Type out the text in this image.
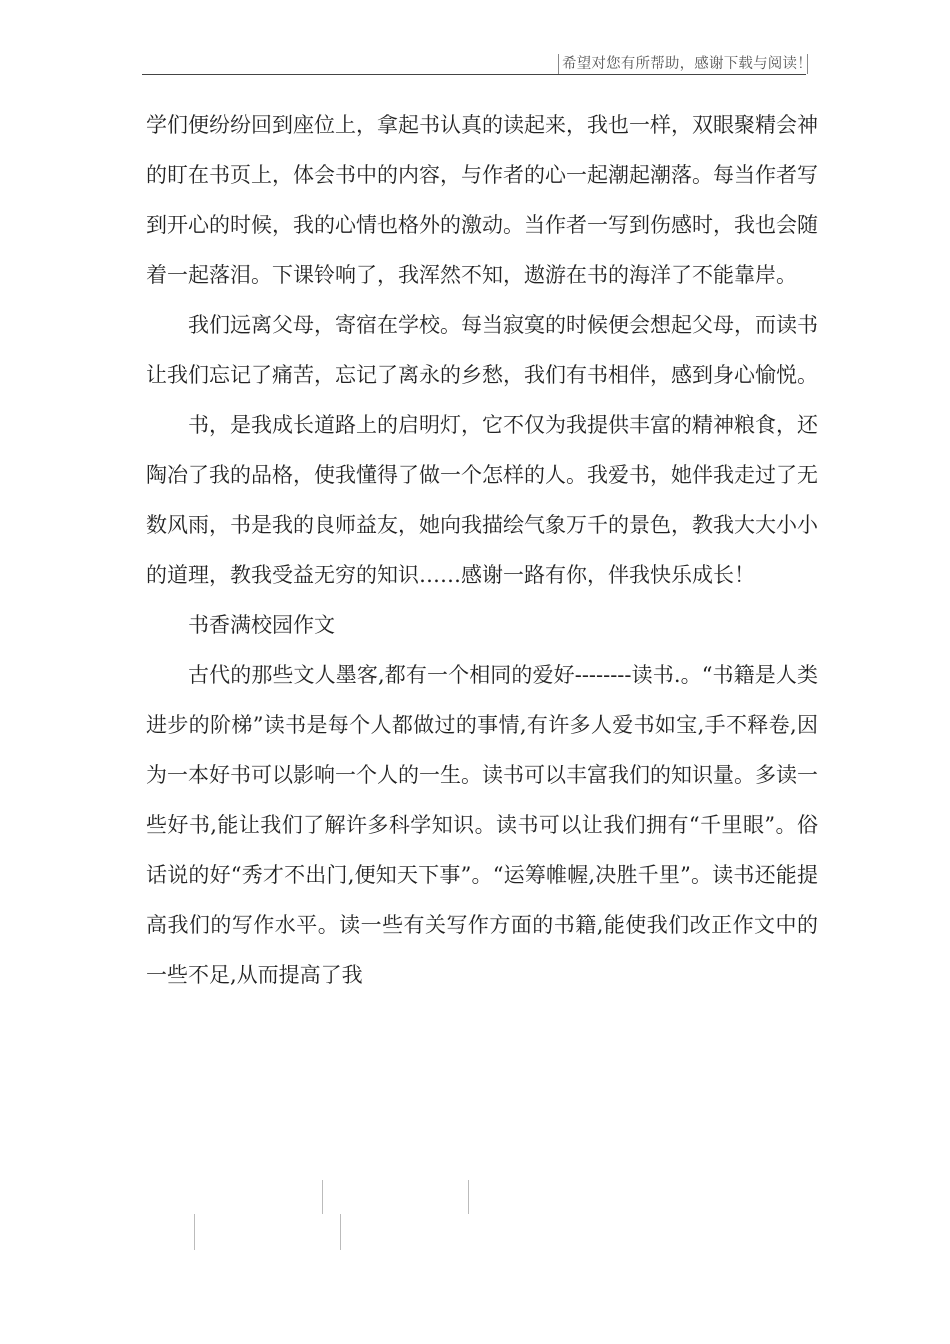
希望对您有所帮助，感谢下载与阅读！

学们便纷纷回到座位上，拿起书认真的读起来，我也一样，双眼聚精会神的盯在书页上，体会书中的内容，与作者的心一起潮起潮落。每当作者写到开心的时候，我的心情也格外的激动。当作者一写到伤感时，我也会随着一起落泪。下课铃响了，我浑然不知，遨游在书的海洋了不能靠岸。

我们远离父母，寄宿在学校。每当寂寞的时候便会想起父母，而读书让我们忘记了痛苦，忘记了离永的乡愁，我们有书相伴，感到身心愉悦。

书，是我成长道路上的启明灯，它不仅为我提供丰富的精神粮食，还陶冶了我的品格，使我懂得了做一个怎样的人。我爱书，她伴我走过了无数风雨，书是我的良师益友，她向我描绘气象万千的景色，教我大大小小的道理，教我受益无穷的知识……感谢一路有你，伴我快乐成长！

书香满校园作文

古代的那些文人墨客,都有一个相同的爱好--------读书.。“书籍是人类进步的阶梯”读书是每个人都做过的事情,有许多人爱书如宝,手不释卷,因为一本好书可以影响一个人的一生。读书可以丰富我们的知识量。多读一些好书,能让我们了解许多科学知识。读书可以让我们拥有“千里眼”。俗话说的好“秀才不出门,便知天下事”。“运筹帷幄,决胜千里”。读书还能提高我们的写作水平。读一些有关写作方面的书籍,能使我们改正作文中的一些不足,从而提高了我
